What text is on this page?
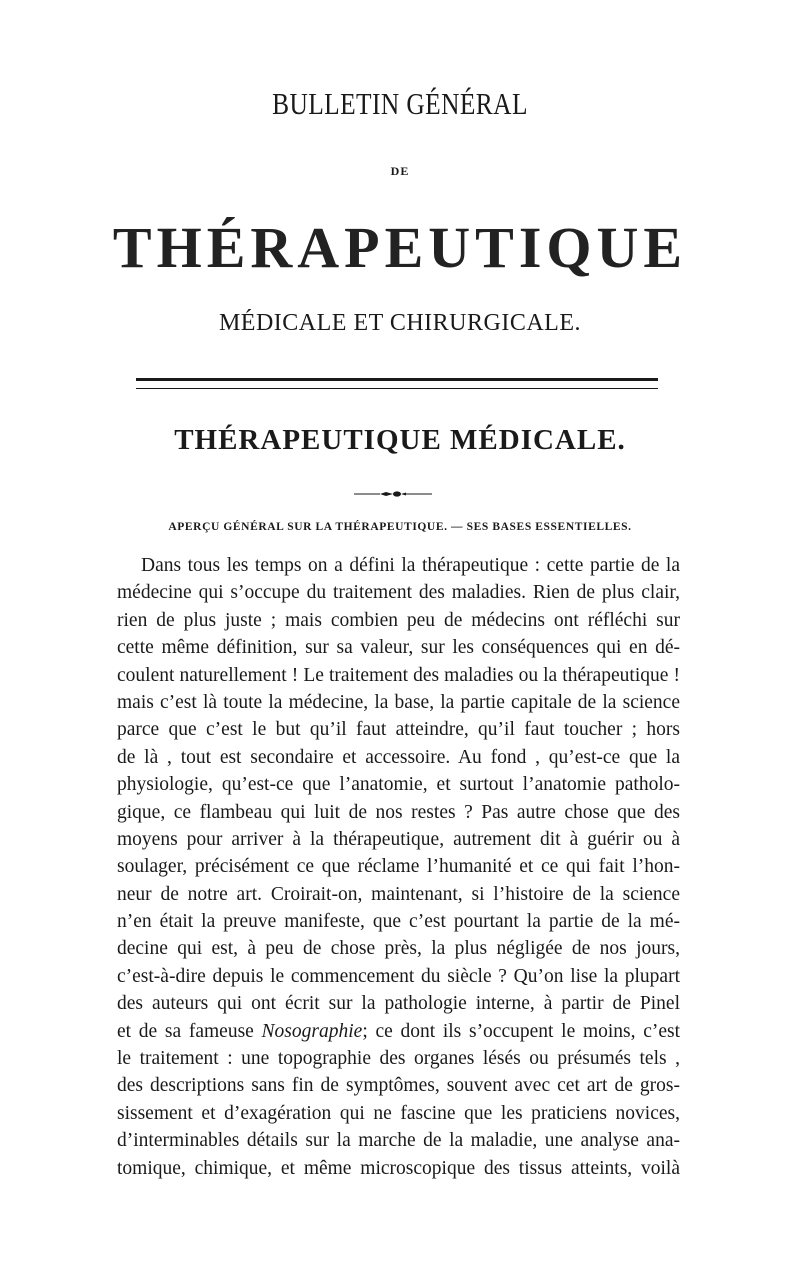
BULLETIN GÉNÉRAL
DE
THÉRAPEUTIQUE
MÉDICALE ET CHIRURGICALE.
THÉRAPEUTIQUE MÉDICALE.
APERÇU GÉNÉRAL SUR LA THÉRAPEUTIQUE. — SES BASES ESSENTIELLES.
Dans tous les temps on a défini la thérapeutique : cette partie de la
médecine qui s’occupe du traitement des maladies. Rien de plus clair,
rien de plus juste ; mais combien peu de médecins ont réfléchi sur
cette même définition, sur sa valeur, sur les conséquences qui en dé-
coulent naturellement ! Le traitement des maladies ou la thérapeutique !
mais c’est là toute la médecine, la base, la partie capitale de la science
parce que c’est le but qu’il faut atteindre, qu’il faut toucher ; hors
de là , tout est secondaire et accessoire. Au fond , qu’est-ce que la
physiologie, qu’est-ce que l’anatomie, et surtout l’anatomie patholo-
gique, ce flambeau qui luit de nos restes ? Pas autre chose que des
moyens pour arriver à la thérapeutique, autrement dit à guérir ou à
soulager, précisément ce que réclame l’humanité et ce qui fait l’hon-
neur de notre art. Croirait-on, maintenant, si l’histoire de la science
n’en était la preuve manifeste, que c’est pourtant la partie de la mé-
decine qui est, à peu de chose près, la plus négligée de nos jours,
c’est-à-dire depuis le commencement du siècle ? Qu’on lise la plupart
des auteurs qui ont écrit sur la pathologie interne, à partir de Pinel
et de sa fameuse Nosographie; ce dont ils s’occupent le moins, c’est
le traitement : une topographie des organes lésés ou présumés tels ,
des descriptions sans fin de symptômes, souvent avec cet art de gros-
sissement et d’exagération qui ne fascine que les praticiens novices,
d’interminables détails sur la marche de la maladie, une analyse ana-
tomique, chimique, et même microscopique des tissus atteints, voilà
